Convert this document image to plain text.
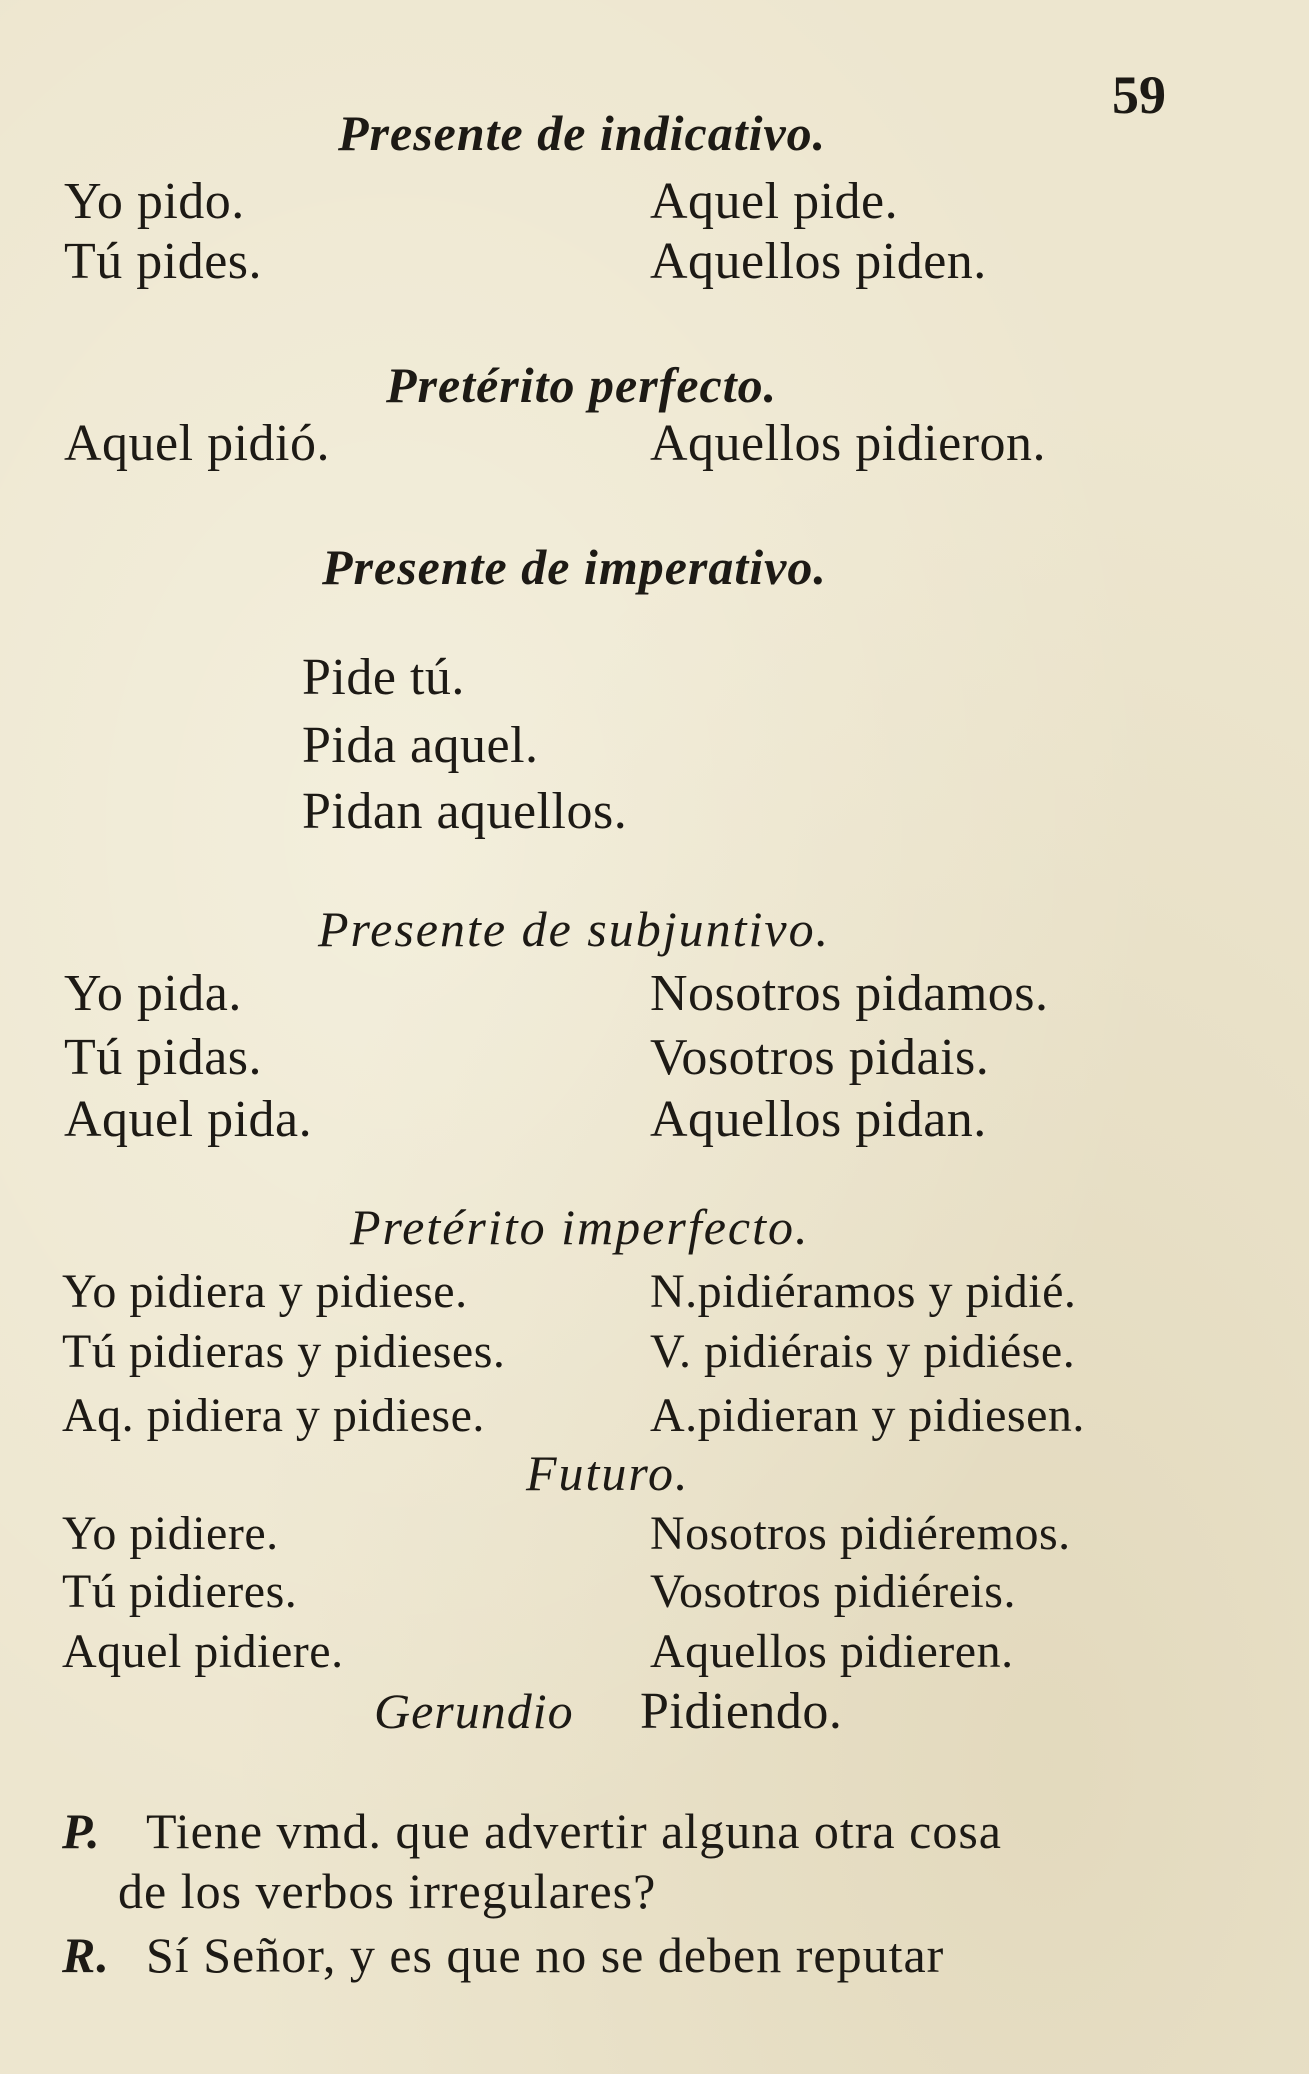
59
Presente de indicativo.
Yo pido.
Tú pides.
Aquel pide.
Aquellos piden.
Pretérito perfecto.
Aquel pidió.	Aquellos pidieron.
Presente de imperativo.
Pide tú.
Pida aquel.
Pidan aquellos.
Presente de subjuntivo.
Yo pida.
Tú pidas.
Aquel pida.
Nosotros pidamos.
Vosotros pidais.
Aquellos pidan.
Pretérito imperfecto.
Yo pidiera y pidiese.
Tú pidieras y pidieses.
Aq. pidiera y pidiese.
N.pidiéramos y pidié.
V. pidiérais y pidiése.
A.pidieran y pidiesen.
Futuro.
Yo pidiere.
Tú pidieres.
Aquel pidiere.
Nosotros pidiéremos.
Vosotros pidiéreis.
Aquellos pidieren.
Gerundio Pidiendo.
P. Tiene vmd. que advertir alguna otra cosa
de los verbos irregulares?
R. Sí Señor, y es que no se deben reputar
